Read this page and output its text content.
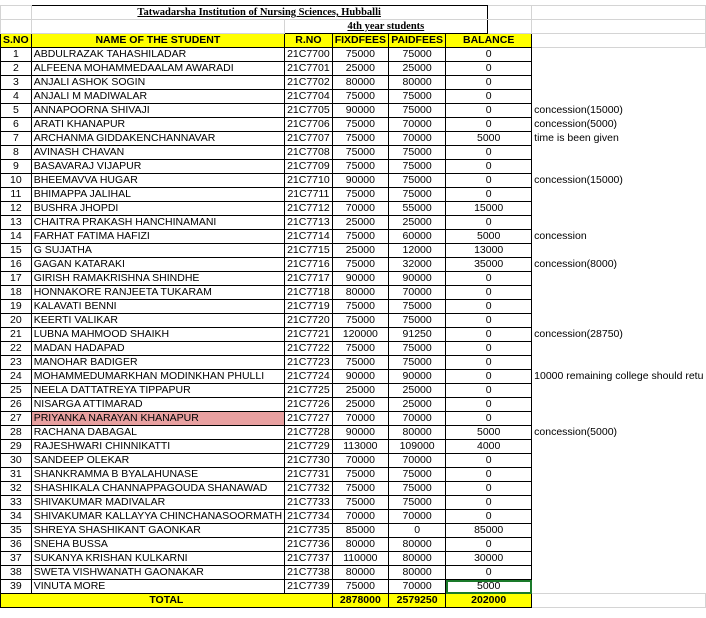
	Tatwadarsha Institution of Nursing Sciences, Hubballi						
		4th year students					
S.NO	NAME OF THE STUDENT	R.NO	FIXDFEES	PAIDFEES	BALANCE		
1	ABDULRAZAK TAHASHILADAR	21C7700	75000	75000	0		
2	ALFEENA MOHAMMEDAALAM AWARADI	21C7701	25000	25000	0		
3	ANJALI ASHOK SOGIN	21C7702	80000	80000	0		
4	ANJALI M MADIWALAR	21C7704	75000	75000	0		
5	ANNAPOORNA SHIVAJI	21C7705	90000	75000	0		concession(15000)
6	ARATI KHANAPUR	21C7706	75000	70000	0		concession(5000)
7	ARCHANMA GIDDAKENCHANNAVAR	21C7707	75000	70000	5000		time is been given
8	AVINASH CHAVAN	21C7708	75000	75000	0		
9	BASAVARAJ VIJAPUR	21C7709	75000	75000	0		
10	BHEEMAVVA HUGAR	21C7710	90000	75000	0		concession(15000)
11	BHIMAPPA JALIHAL	21C7711	75000	75000	0		
12	BUSHRA JHOPDI	21C7712	70000	55000	15000		
13	CHAITRA PRAKASH HANCHINAMANI	21C7713	25000	25000	0		
14	FARHAT FATIMA HAFIZI	21C7714	75000	60000	5000		concession
15	G SUJATHA	21C7715	25000	12000	13000		
16	GAGAN KATARAKI	21C7716	75000	32000	35000		concession(8000)
17	GIRISH RAMAKRISHNA SHINDHE	21C7717	90000	90000	0		
18	HONNAKORE RANJEETA TUKARAM	21C7718	80000	70000	0		
19	KALAVATI BENNI	21C7719	75000	75000	0		
20	KEERTI VALIKAR	21C7720	75000	75000	0		
21	LUBNA MAHMOOD SHAIKH	21C7721	120000	91250	0		concession(28750)
22	MADAN HADAPAD	21C7722	75000	75000	0		
23	MANOHAR BADIGER	21C7723	75000	75000	0		
24	MOHAMMEDUMARKHAN MODINKHAN PHULLI	21C7724	90000	90000	0		10000 remaining college should retu
25	NEELA DATTATREYA TIPPAPUR	21C7725	25000	25000	0		
26	NISARGA ATTIMARAD	21C7726	25000	25000	0		
27	PRIYANKA NARAYAN KHANAPUR	21C7727	70000	70000	0		
28	RACHANA DABAGAL	21C7728	90000	80000	5000		concession(5000)
29	RAJESHWARI CHINNIKATTI	21C7729	113000	109000	4000		
30	SANDEEP OLEKAR	21C7730	70000	70000	0		
31	SHANKRAMMA B BYALAHUNASE	21C7731	75000	75000	0		
32	SHASHIKALA CHANNAPPAGOUDA SHANAWAD	21C7732	75000	75000	0		
33	SHIVAKUMAR MADIVALAR	21C7733	75000	75000	0		
34	SHIVAKUMAR KALLAYYA CHINCHANASOORMATH	21C7734	70000	70000	0		
35	SHREYA SHASHIKANT GAONKAR	21C7735	85000	0	85000		
36	SNEHA BUSSA	21C7736	80000	80000	0		
37	SUKANYA KRISHAN KULKARNI	21C7737	110000	80000	30000		
38	SWETA VISHWANATH GAONAKAR	21C7738	80000	80000	0		
39	VINUTA MORE	21C7739	75000	70000	5000		
TOTAL			2878000	2579250	202000		
